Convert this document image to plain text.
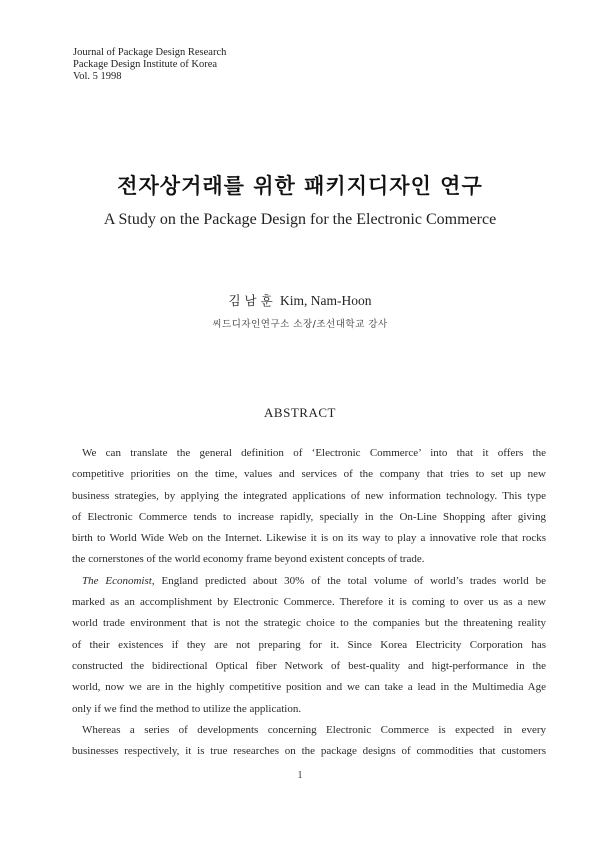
Journal of Package Design Research
Package Design Institute of Korea
Vol. 5 1998
전자상거래를 위한 패키지디자인 연구
A Study on the Package Design for the Electronic Commerce
김 남 훈 Kim, Nam-Hoon
씨드디자인연구소 소장/조선대학교 강사
ABSTRACT
We can translate the general definition of ‘Electronic Commerce’ into that it offers the
competitive priorities on the time, values and services of the company that tries to set up new
business strategies, by applying the integrated applications of new information technology. This type
of Electronic Commerce tends to increase rapidly, specially in the On-Line Shopping after giving
birth to World Wide Web on the Internet. Likewise it is on its way to play a innovative role that rocks
the cornerstones of the world economy frame beyond existent concepts of trade.
The Economist, England predicted about 30% of the total volume of world’s trades world be
marked as an accomplishment by Electronic Commerce. Therefore it is coming to over us as a new
world trade environment that is not the strategic choice to the companies but the threatening reality
of their existences if they are not preparing for it. Since Korea Electricity Corporation has
constructed the bidirectional Optical fiber Network of best-quality and higt-performance in the
world, now we are in the highly competitive position and we can take a lead in the Multimedia Age
only if we find the method to utilize the application.
Whereas a series of developments concerning Electronic Commerce is expected in every
businesses respectively, it is true researches on the package designs of commodities that customers
1
